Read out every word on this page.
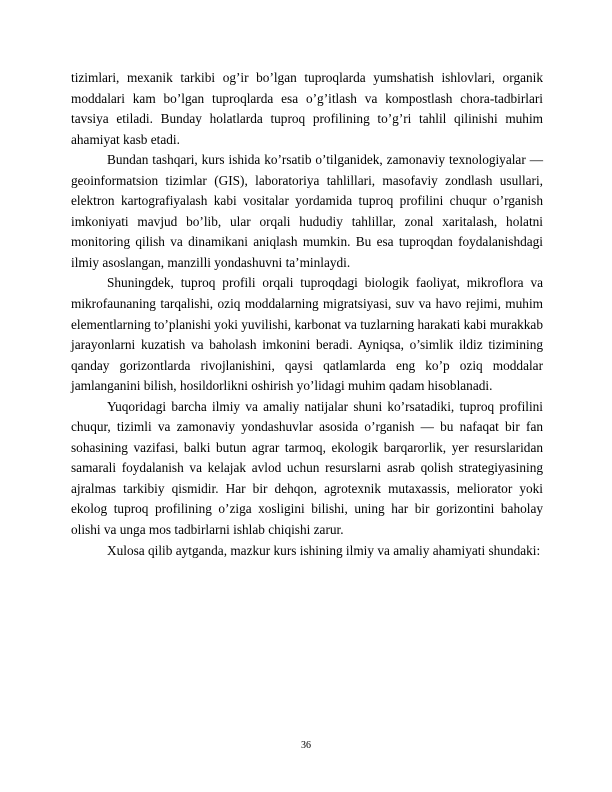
tizimlari, mexanik tarkibi og’ir bo’lgan tuproqlarda yumshatish ishlovlari, organik moddalari kam bo’lgan tuproqlarda esa o’g’itlash va kompostlash chora-tadbirlari tavsiya etiladi. Bunday holatlarda tuproq profilining to’g’ri tahlil qilinishi muhim ahamiyat kasb etadi.

Bundan tashqari, kurs ishida ko’rsatib o’tilganidek, zamonaviy texnologiyalar — geoinformatsion tizimlar (GIS), laboratoriya tahlillari, masofaviy zondlash usullari, elektron kartografiyalash kabi vositalar yordamida tuproq profilini chuqur o’rganish imkoniyati mavjud bo’lib, ular orqali hududiy tahlillar, zonal xaritalash, holatni monitoring qilish va dinamikani aniqlash mumkin. Bu esa tuproqdan foydalanishdagi ilmiy asoslangan, manzilli yondashuvni ta’minlaydi.

Shuningdek, tuproq profili orqali tuproqdagi biologik faoliyat, mikroflora va mikrofaunaning tarqalishi, oziq moddalarning migratsiyasi, suv va havo rejimi, muhim elementlarning to’planishi yoki yuvilishi, karbonat va tuzlarning harakati kabi murakkab jarayonlarni kuzatish va baholash imkonini beradi. Ayniqsa, o’simlik ildiz tizimining qanday gorizontlarda rivojlanishini, qaysi qatlamlarda eng ko’p oziq moddalar jamlanganini bilish, hosildorlikni oshirish yo’lidagi muhim qadam hisoblanadi.

Yuqoridagi barcha ilmiy va amaliy natijalar shuni ko’rsatadiki, tuproq profilini chuqur, tizimli va zamonaviy yondashuvlar asosida o’rganish — bu nafaqat bir fan sohasining vazifasi, balki butun agrar tarmoq, ekologik barqarorlik, yer resurslaridan samarali foydalanish va kelajak avlod uchun resurslarni asrab qolish strategiyasining ajralmas tarkibiy qismidir. Har bir dehqon, agrotexnik mutaxassis, meliorator yoki ekolog tuproq profilining o’ziga xosligini bilishi, uning har bir gorizontini baholay olishi va unga mos tadbirlarni ishlab chiqishi zarur.

Xulosa qilib aytganda, mazkur kurs ishining ilmiy va amaliy ahamiyati shundaki:

36
